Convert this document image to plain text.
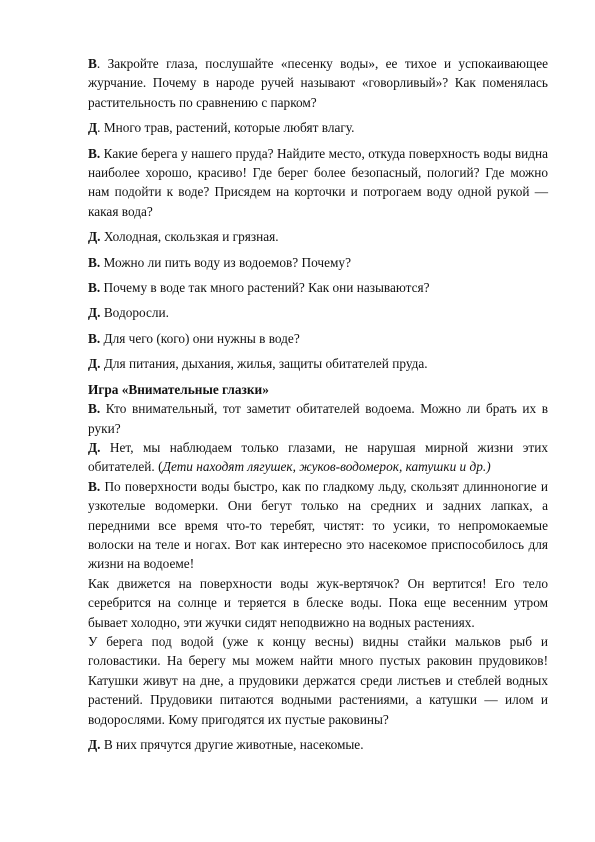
В. Закройте глаза, послушайте «песенку воды», ее тихое и успокаивающее журчание. Почему в народе ручей называют «говорливый»? Как поменялась растительность по сравнению с парком?

Д. Много трав, растений, которые любят влагу.

В. Какие берега у нашего пруда? Найдите место, откуда поверхность воды видна наиболее хорошо, красиво! Где берег более безопасный, пологий? Где можно нам подойти к воде? Присядем на корточки и потрогаем воду одной рукой — какая вода?

Д. Холодная, скользкая и грязная.

В. Можно ли пить воду из водоемов? Почему?

В. Почему в воде так много растений? Как они называются?

Д. Водоросли.

В. Для чего (кого) они нужны в воде?

Д. Для питания, дыхания, жилья, защиты обитателей пруда.

Игра «Внимательные глазки»

В. Кто внимательный, тот заметит обитателей водоема. Можно ли брать их в руки?

Д. Нет, мы наблюдаем только глазами, не нарушая мирной жизни этих обитателей. (Дети находят лягушек, жуков-водомерок, катушки и др.)

В. По поверхности воды быстро, как по гладкому льду, скользят длинноногие и узкотелые водомерки. Они бегут только на средних и задних лапках, а передними все время что-то теребят, чистят: то усики, то непромокаемые волоски на теле и ногах. Вот как интересно это насекомое приспособилось для жизни на водоеме!

Как движется на поверхности воды жук-вертячок? Он вертится! Его тело серебрится на солнце и теряется в блеске воды. Пока еще весенним утром бывает холодно, эти жучки сидят неподвижно на водных растениях.

У берега под водой (уже к концу весны) видны стайки мальков рыб и головастики. На берегу мы можем найти много пустых раковин прудовиков! Катушки живут на дне, а прудовики держатся среди листьев и стеблей водных растений. Прудовики питаются водными растениями, а катушки — илом и водорослями. Кому пригодятся их пустые раковины?

Д. В них прячутся другие животные, насекомые.
